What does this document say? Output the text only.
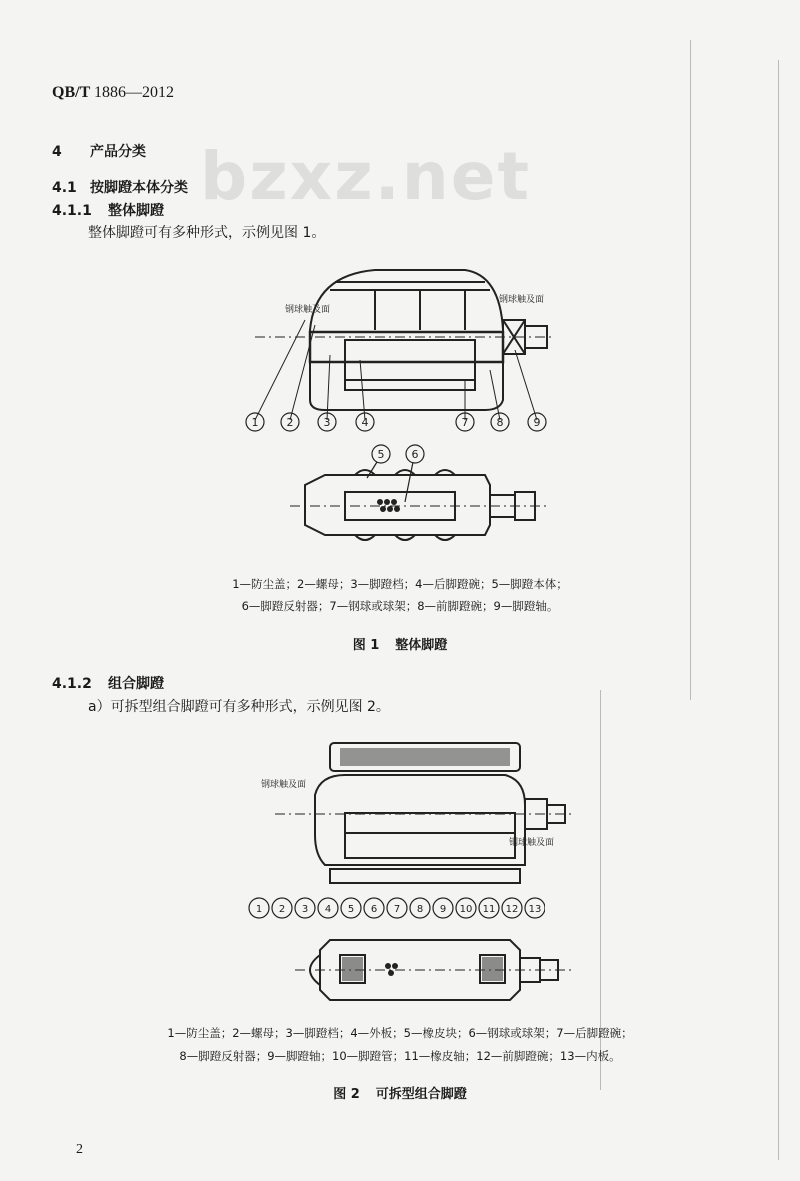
bzxz.net
QB/T 1886—2012
4 产品分类
4.1 按脚蹬本体分类
4.1.1 整体脚蹬
整体脚蹬可有多种形式，示例见图 1。
钢球触及面
钢球触及面
1	2	3	4	7	8	9
5 6
1—防尘盖；2—螺母；3—脚蹬档；4—后脚蹬碗；5—脚蹬本体；
6—脚蹬反射器；7—钢球或球架；8—前脚蹬碗；9—脚蹬轴。
图 1 整体脚蹬
4.1.2 组合脚蹬
a）可拆型组合脚蹬可有多种形式，示例见图 2。
钢球触及面
钢球触及面
1 2 3 4 5 6 7 8 9 10 11 12 13
1—防尘盖；2—螺母；3—脚蹬档；4—外板；5—橡皮块；6—钢球或球架；7—后脚蹬碗；
8—脚蹬反射器；9—脚蹬轴；10—脚蹬管；11—橡皮轴；12—前脚蹬碗；13—内板。
图 2 可拆型组合脚蹬
2
